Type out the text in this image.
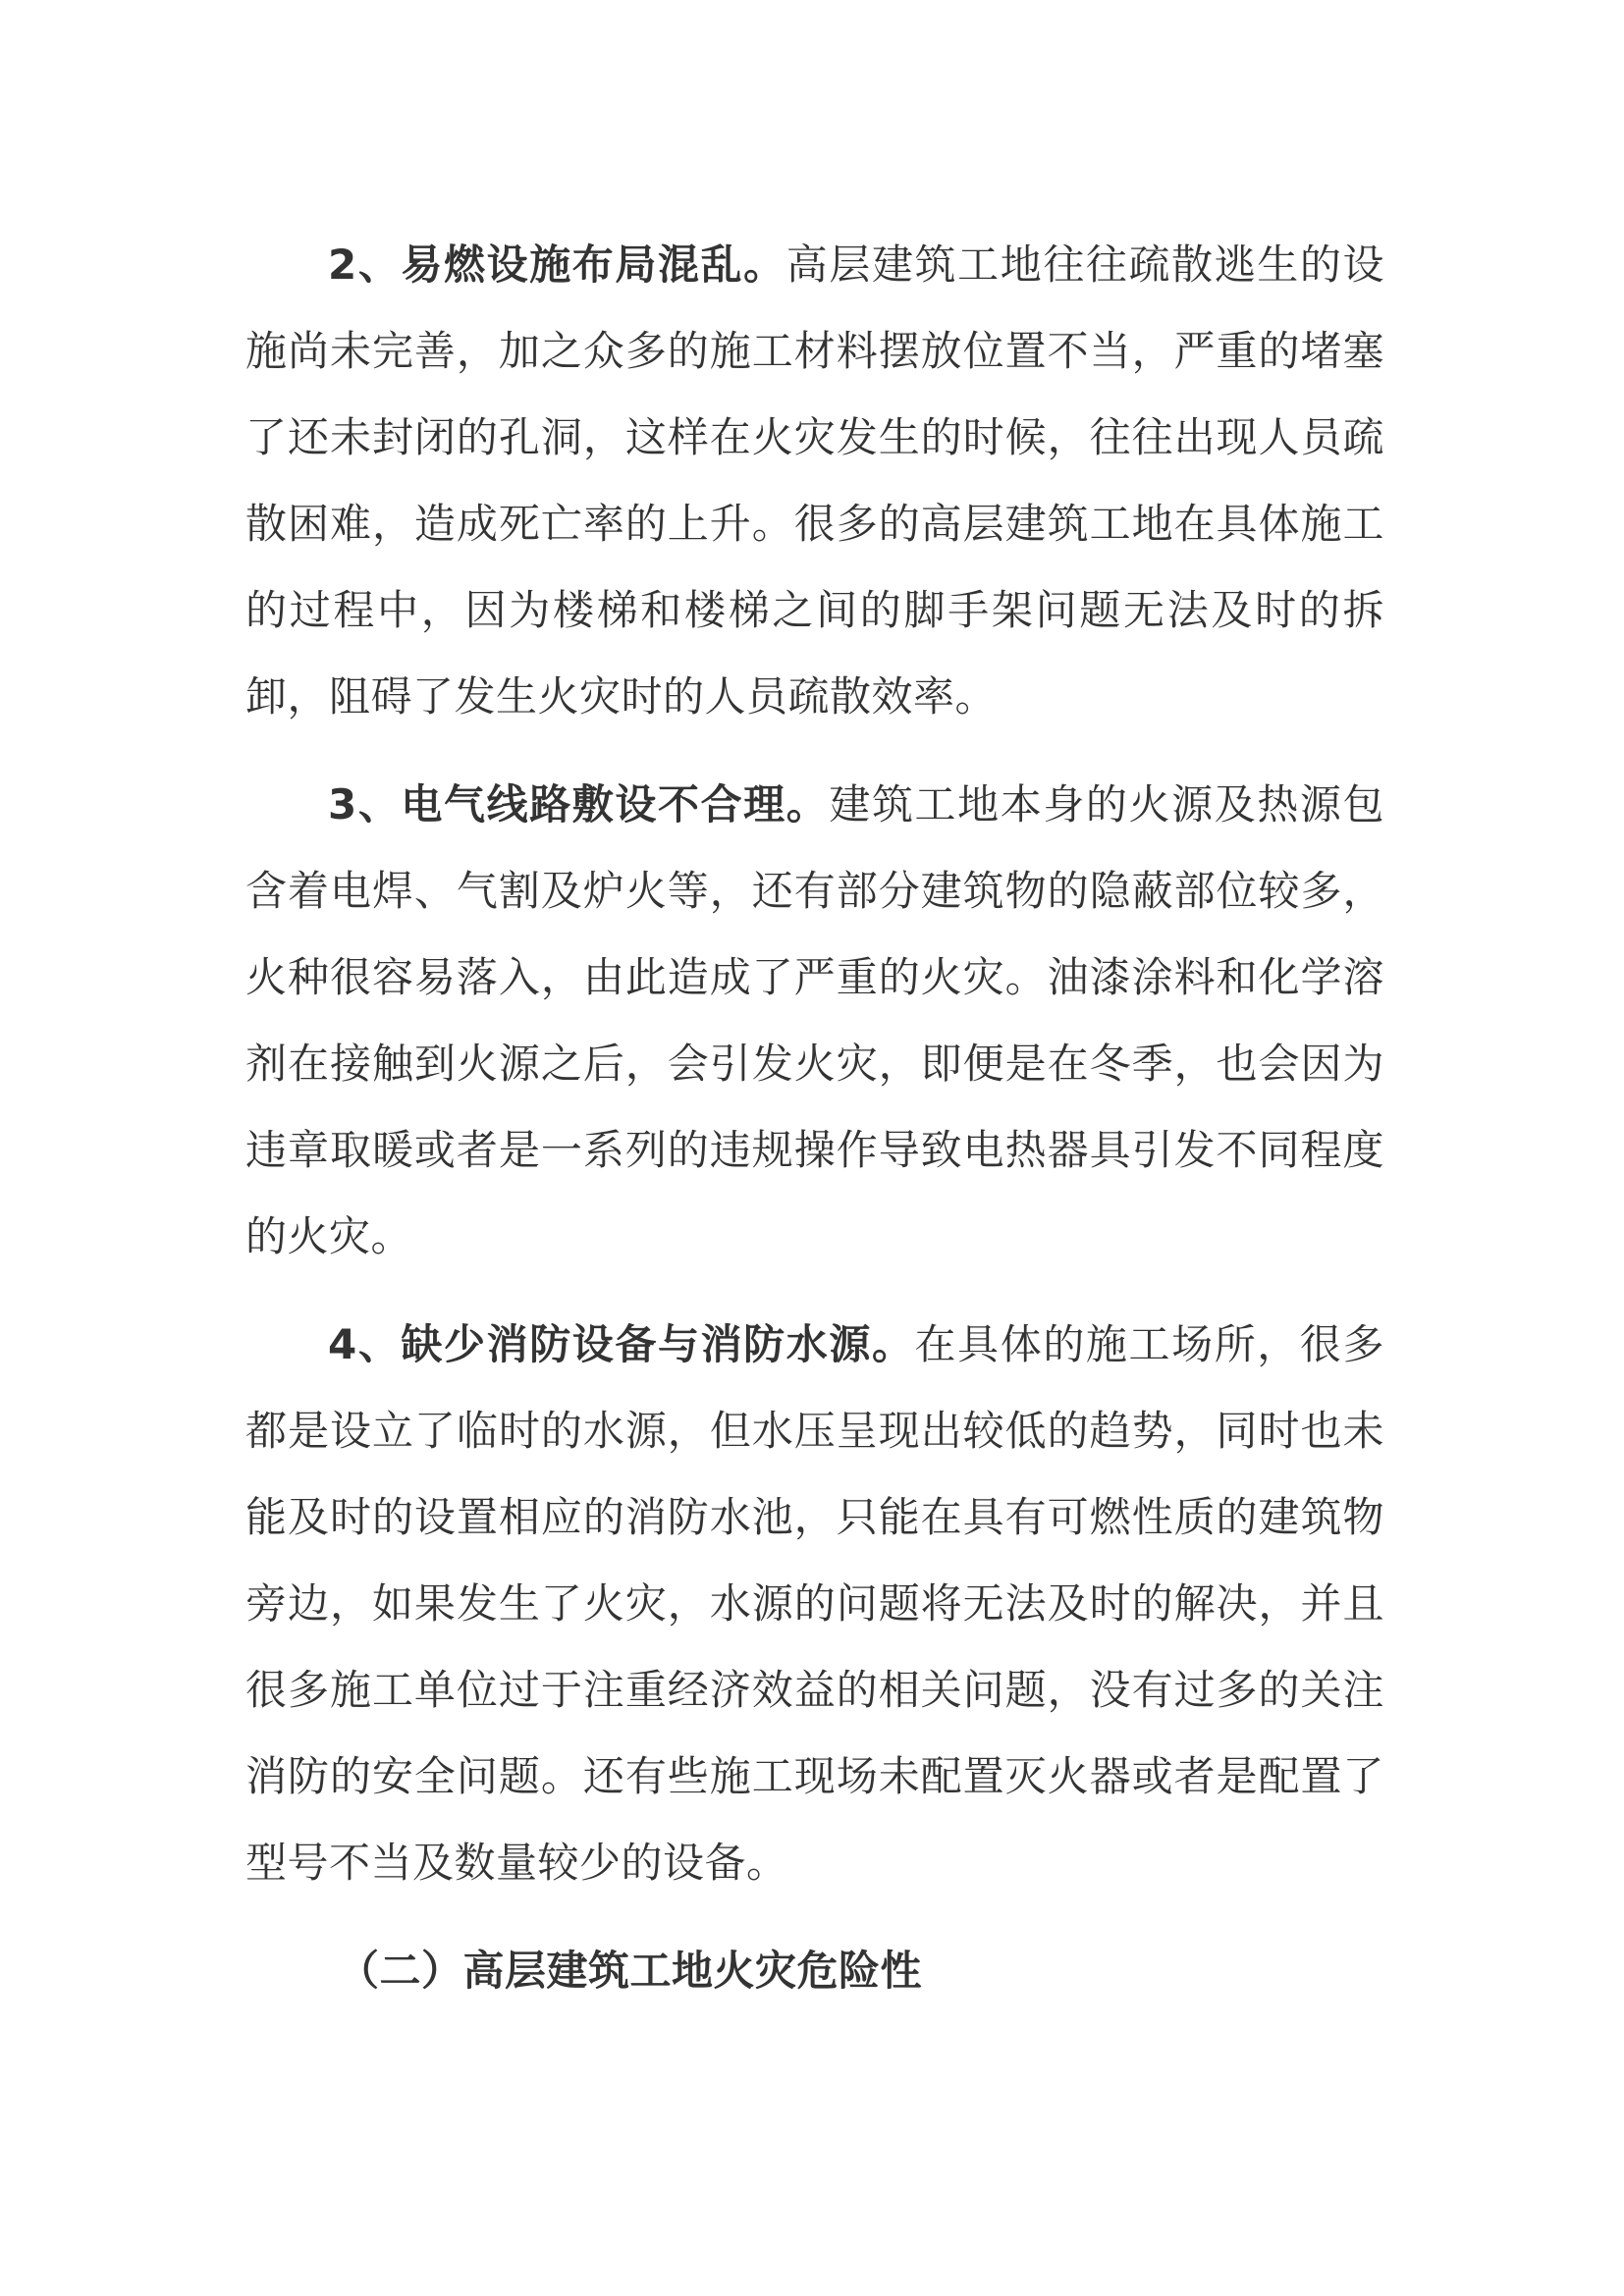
2、易燃设施布局混乱。高层建筑工地往往疏散逃生的设施尚未完善，加之众多的施工材料摆放位置不当，严重的堵塞了还未封闭的孔洞，这样在火灾发生的时候，往往出现人员疏散困难，造成死亡率的上升。很多的高层建筑工地在具体施工的过程中，因为楼梯和楼梯之间的脚手架问题无法及时的拆卸，阻碍了发生火灾时的人员疏散效率。

3、电气线路敷设不合理。建筑工地本身的火源及热源包含着电焊、气割及炉火等，还有部分建筑物的隐蔽部位较多，火种很容易落入，由此造成了严重的火灾。油漆涂料和化学溶剂在接触到火源之后，会引发火灾，即便是在冬季，也会因为违章取暖或者是一系列的违规操作导致电热器具引发不同程度的火灾。

4、缺少消防设备与消防水源。在具体的施工场所，很多都是设立了临时的水源，但水压呈现出较低的趋势，同时也未能及时的设置相应的消防水池，只能在具有可燃性质的建筑物旁边，如果发生了火灾，水源的问题将无法及时的解决，并且很多施工单位过于注重经济效益的相关问题，没有过多的关注消防的安全问题。还有些施工现场未配置灭火器或者是配置了型号不当及数量较少的设备。

（二）高层建筑工地火灾危险性
